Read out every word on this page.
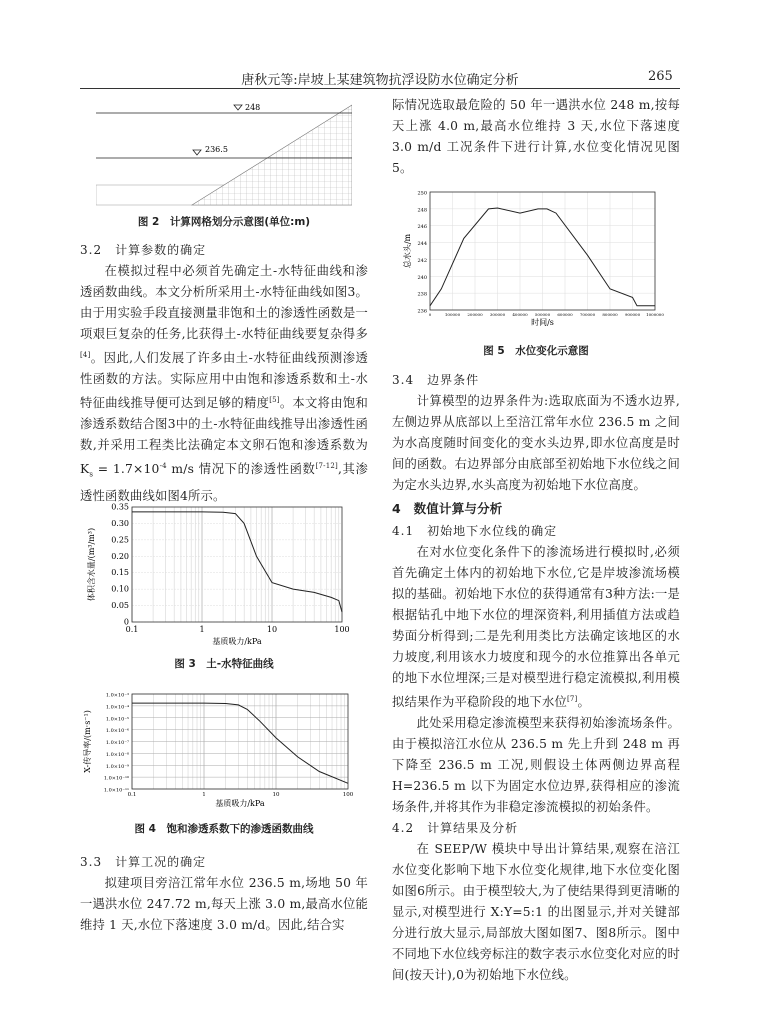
唐秋元等:岸坡上某建筑物抗浮设防水位确定分析	265
248
236.5
图 2　计算网格划分示意图(单位:m)
3.2　计算参数的确定

在模拟过程中必须首先确定土-水特征曲线和渗透函数曲线。本文分析所采用土-水特征曲线如图3。由于用实验手段直接测量非饱和土的渗透性函数是一项艰巨复杂的任务,比获得土-水特征曲线要复杂得多[4]。因此,人们发展了许多由土-水特征曲线预测渗透性函数的方法。实际应用中由饱和渗透系数和土-水特征曲线推导便可达到足够的精度[5]。本文将由饱和渗透系数结合图3中的土-水特征曲线推导出渗透性函数,并采用工程类比法确定本文卵石饱和渗透系数为 $K_s = 1.7\times 10^{-4}$ m/s 情况下的渗透性函数[7-12],其渗透性函数曲线如图4所示。

0
0.05
0.10
0.15
0.20
0.25
0.30
0.35
0.1	1	10	100
基质吸力/kPa
体积含水量/(m³/m³)
图 3　土-水特征曲线
1.0×10⁻¹¹
1.0×10⁻¹⁰
1.0×10⁻⁹
1.0×10⁻⁸
1.0×10⁻⁷
1.0×10⁻⁶
1.0×10⁻⁵
1.0×10⁻⁴
1.0×10⁻³
0.1	1	10	100
基质吸力/kPa
X-传导率/(m·s⁻¹)
图 4　饱和渗透系数下的渗透函数曲线
3.3　计算工况的确定

拟建项目旁涪江常年水位 236.5 m,场地 50 年一遇洪水位 247.72 m,每天上涨 3.0 m,最高水位能维持 1 天,水位下落速度 3.0 m/d。因此,结合实

际情况选取最危险的 50 年一遇洪水位 248 m,按每天上涨 4.0 m,最高水位维持 3 天,水位下落速度 3.0 m/d 工况条件下进行计算,水位变化情况见图5。

236
238
240
242
244
246
248
250
0	100000 200000 300000 400000 500000 600000 700000 800000 900000 1000000
时间/s
总水头/m
图 5　水位变化示意图
3.4　边界条件

计算模型的边界条件为:选取底面为不透水边界,左侧边界从底部以上至涪江常年水位 236.5 m 之间为水高度随时间变化的变水头边界,即水位高度是时间的函数。右边界部分由底部至初始地下水位线之间为定水头边界,水头高度为初始地下水位高度。

4　数值计算与分析
4.1　初始地下水位线的确定

在对水位变化条件下的渗流场进行模拟时,必须首先确定土体内的初始地下水位,它是岸坡渗流场模拟的基础。初始地下水位的获得通常有3种方法:一是根据钻孔中地下水位的埋深资料,利用插值方法或趋势面分析得到;二是先利用类比方法确定该地区的水力坡度,利用该水力坡度和现今的水位推算出各单元的地下水位埋深;三是对模型进行稳定流模拟,利用模拟结果作为平稳阶段的地下水位[7]。

此处采用稳定渗流模型来获得初始渗流场条件。由于模拟涪江水位从 236.5 m 先上升到 248 m 再下降至 236.5 m 工况,则假设土体两侧边界高程 H=236.5 m 以下为固定水位边界,获得相应的渗流场条件,并将其作为非稳定渗流模拟的初始条件。

4.2　计算结果及分析

在 SEEP/W 模块中导出计算结果,观察在涪江水位变化影响下地下水位变化规律,地下水位变化图如图6所示。由于模型较大,为了使结果得到更清晰的显示,对模型进行 X:Y=5:1 的出图显示,并对关键部分进行放大显示,局部放大图如图7、图8所示。图中不同地下水位线旁标注的数字表示水位变化对应的时间(按天计),0为初始地下水位线。
